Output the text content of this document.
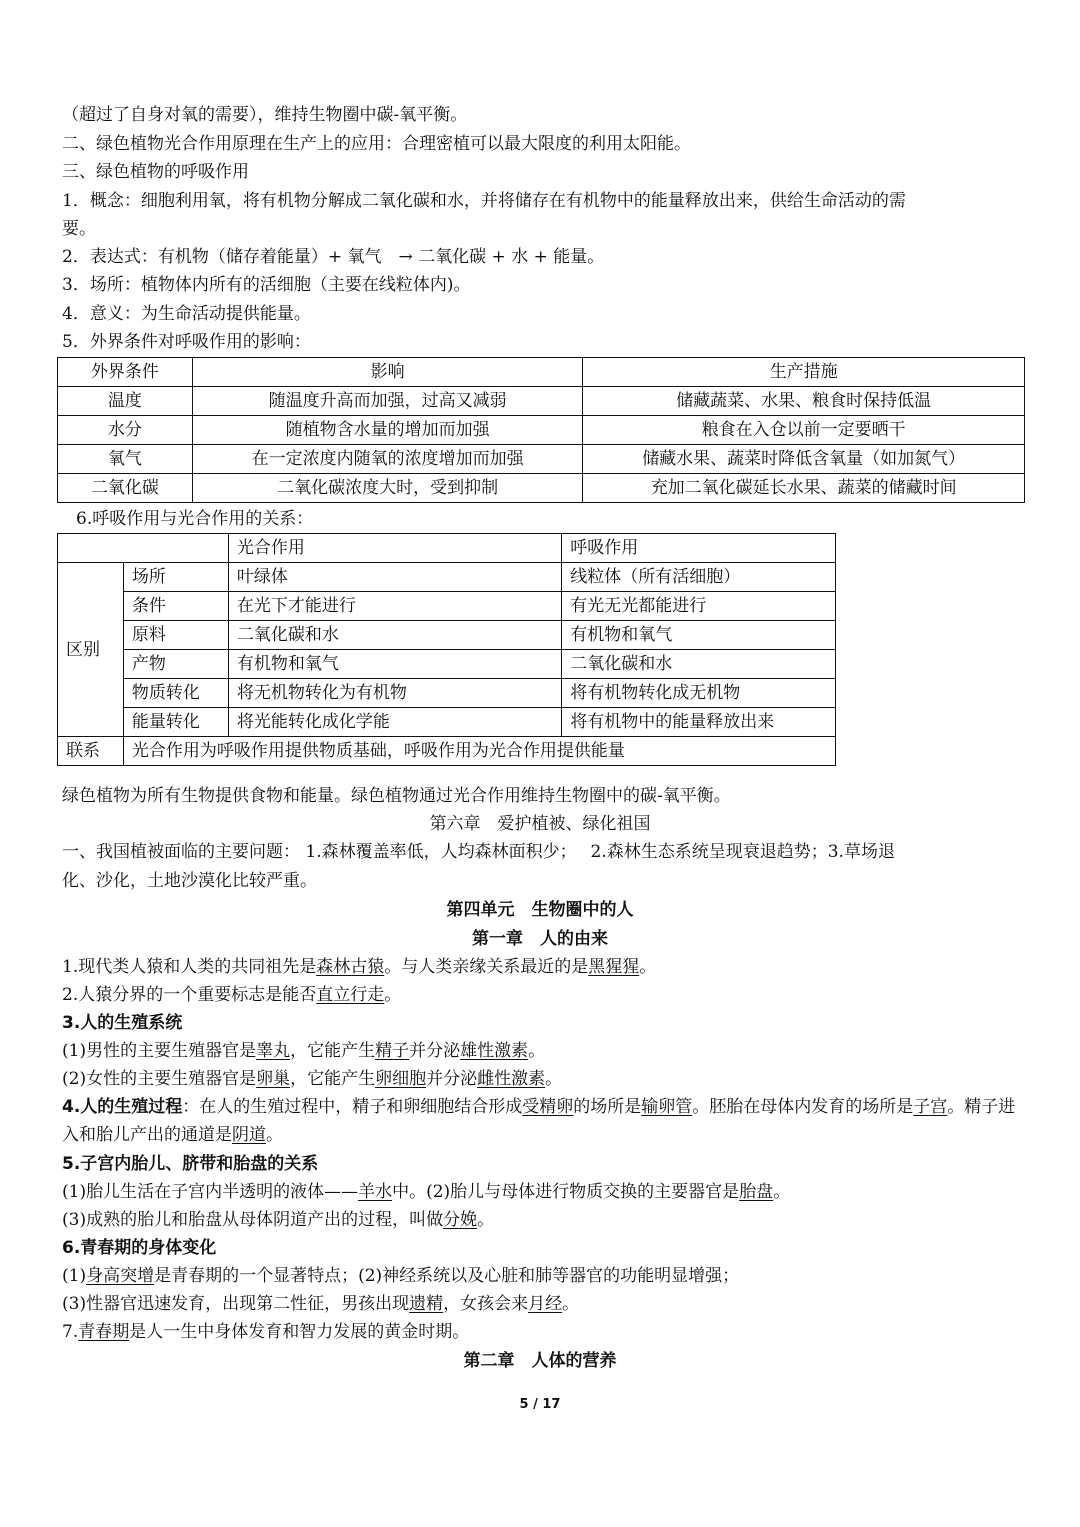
（超过了自身对氧的需要），维持生物圈中碳-氧平衡。
二、绿色植物光合作用原理在生产上的应用：合理密植可以最大限度的利用太阳能。
三、绿色植物的呼吸作用
1．概念：细胞利用氧，将有机物分解成二氧化碳和水，并将储存在有机物中的能量释放出来，供给生命活动的需
要。
2．表达式：有机物（储存着能量）+ 氧气　→ 二氧化碳 + 水 + 能量。
3．场所：植物体内所有的活细胞（主要在线粒体内)。
4．意义：为生命活动提供能量。
5．外界条件对呼吸作用的影响：
外界条件	影响	生产措施
温度	随温度升高而加强，过高又减弱	储藏蔬菜、水果、粮食时保持低温
水分	随植物含水量的增加而加强	粮食在入仓以前一定要晒干
氧气	在一定浓度内随氧的浓度增加而加强	储藏水果、蔬菜时降低含氧量（如加氮气）
二氧化碳	二氧化碳浓度大时，受到抑制	充加二氧化碳延长水果、蔬菜的储藏时间
6.呼吸作用与光合作用的关系：
		光合作用	呼吸作用
区别	场所	叶绿体	线粒体（所有活细胞）
	条件	在光下才能进行	有光无光都能进行
	原料	二氧化碳和水	有机物和氧气
	产物	有机物和氧气	二氧化碳和水
	物质转化	将无机物转化为有机物	将有机物转化成无机物
	能量转化	将光能转化成化学能	将有机物中的能量释放出来
联系	光合作用为呼吸作用提供物质基础，呼吸作用为光合作用提供能量		
绿色植物为所有生物提供食物和能量。绿色植物通过光合作用维持生物圈中的碳-氧平衡。
第六章　爱护植被、绿化祖国
一、我国植被面临的主要问题： 1.森林覆盖率低，人均森林面积少；　 2.森林生态系统呈现衰退趋势；3.草场退
化、沙化，土地沙漠化比较严重。
第四单元　生物圈中的人
第一章　人的由来
1.现代类人猿和人类的共同祖先是森林古猿。与人类亲缘关系最近的是黑猩猩。
2.人猿分界的一个重要标志是能否直立行走。
3.人的生殖系统
(1)男性的主要生殖器官是睾丸，它能产生精子并分泌雄性激素。
(2)女性的主要生殖器官是卵巢，它能产生卵细胞并分泌雌性激素。
4.人的生殖过程：在人的生殖过程中，精子和卵细胞结合形成受精卵的场所是输卵管。胚胎在母体内发育的场所是子宫。精子进入和胎儿产出的通道是阴道。
5.子宫内胎儿、脐带和胎盘的关系
(1)胎儿生活在子宫内半透明的液体——羊水中。(2)胎儿与母体进行物质交换的主要器官是胎盘。
(3)成熟的胎儿和胎盘从母体阴道产出的过程，叫做分娩。
6.青春期的身体变化
(1)身高突增是青春期的一个显著特点；(2)神经系统以及心脏和肺等器官的功能明显增强；
(3)性器官迅速发育，出现第二性征，男孩出现遗精，女孩会来月经。
7.青春期是人一生中身体发育和智力发展的黄金时期。
第二章　人体的营养
5 / 17
